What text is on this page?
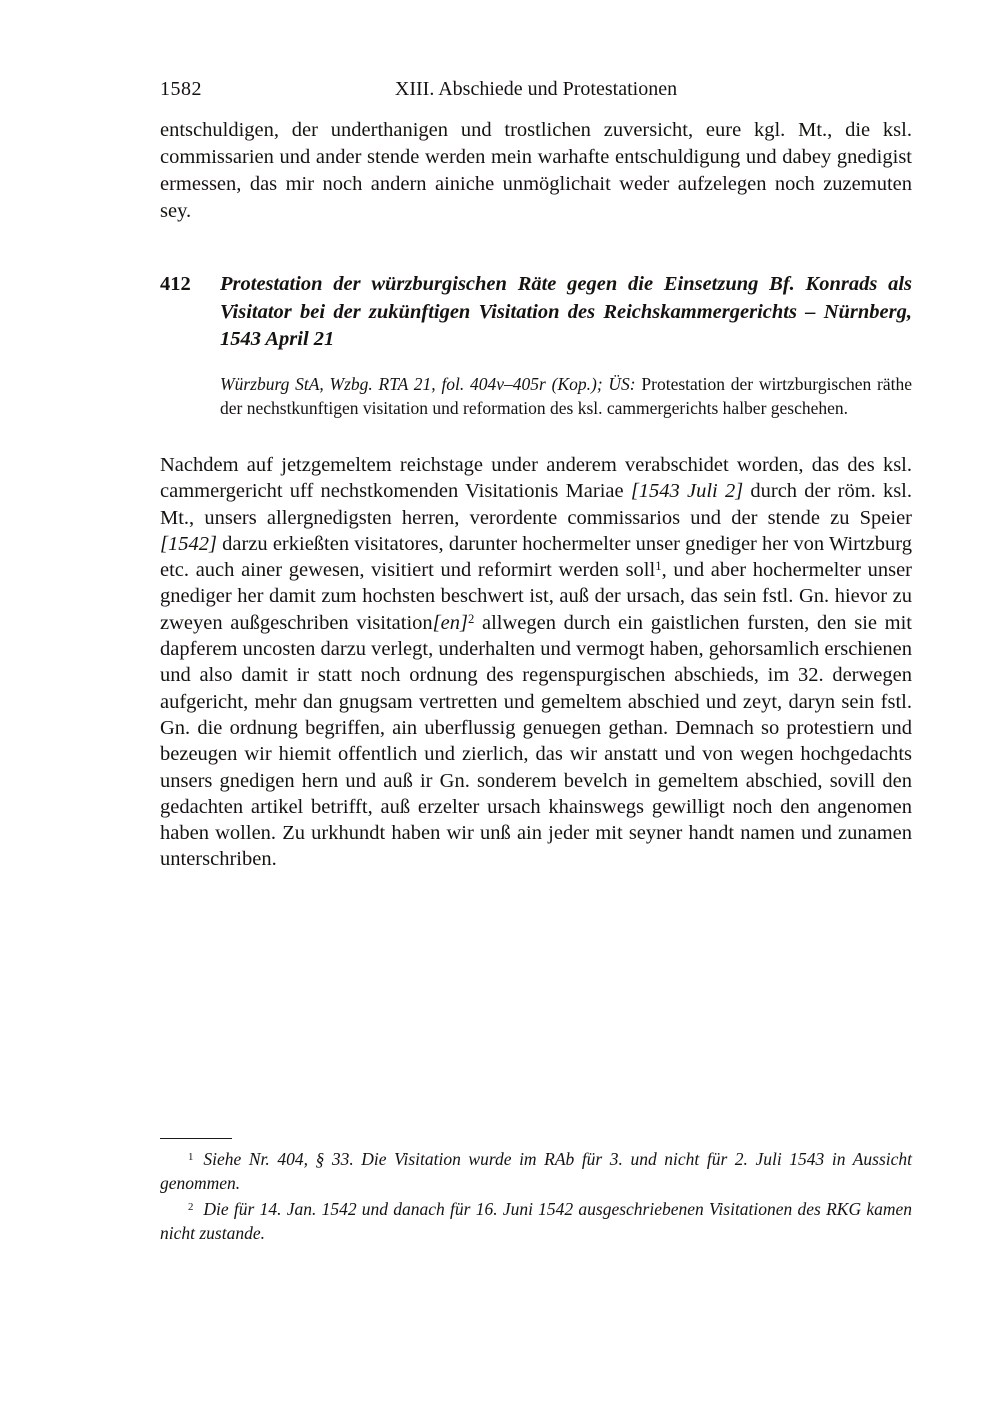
1582	XIII. Abschiede und Protestationen

entschuldigen, der underthanigen und trostlichen zuversicht, eure kgl. Mt., die ksl. commissarien und ander stende werden mein warhafte entschuldigung und dabey gnedigist ermessen, das mir noch andern ainiche unmöglichait weder aufzelegen noch zuzemuten sey.

412	Protestation der würzburgischen Räte gegen die Einsetzung Bf. Konrads als Visitator bei der zukünftigen Visitation des Reichskammergerichts – Nürnberg, 1543 April 21

Würzburg StA, Wzbg. RTA 21, fol. 404v–405r (Kop.); ÜS: Protestation der wirtzburgischen räthe der nechstkunftigen visitation und reformation des ksl. cammergerichts halber geschehen.

Nachdem auf jetzgemeltem reichstage under anderem verabschidet worden, das des ksl. cammergericht uff nechstkomenden Visitationis Mariae [1543 Juli 2] durch der röm. ksl. Mt., unsers allergnedigsten herren, verordente commissarios und der stende zu Speier [1542] darzu erkießten visitatores, darunter hochermelter unser gnediger her von Wirtzburg etc. auch ainer gewesen, visitiert und reformirt werden soll$^1$, und aber hochermelter unser gnediger her damit zum hochsten beschwert ist, auß der ursach, das sein fstl. Gn. hievor zu zweyen außgeschriben visitation[en]$^2$ allwegen durch ein gaistlichen fursten, den sie mit dapferem uncosten darzu verlegt, underhalten und vermogt haben, gehorsamlich erschienen und also damit ir statt noch ordnung des regenspurgischen abschieds, im 32. derwegen aufgericht, mehr dan gnugsam vertretten und gemeltem abschied und zeyt, daryn sein fstl. Gn. die ordnung begriffen, ain uberflussig genuegen gethan. Demnach so protestiern und bezeugen wir hiemit offentlich und zierlich, das wir anstatt und von wegen hochgedachts unsers gnedigen hern und auß ir Gn. sonderem bevelch in gemeltem abschied, sovill den gedachten artikel betrifft, auß erzelter ursach khainswegs gewilligt noch den angenomen haben wollen. Zu urkhundt haben wir unß ain jeder mit seyner handt namen und zunamen unterschriben.

$^1$ Siehe Nr. 404, § 33. Die Visitation wurde im RAb für 3. und nicht für 2. Juli 1543 in Aussicht genommen.

$^2$ Die für 14. Jan. 1542 und danach für 16. Juni 1542 ausgeschriebenen Visitationen des RKG kamen nicht zustande.
